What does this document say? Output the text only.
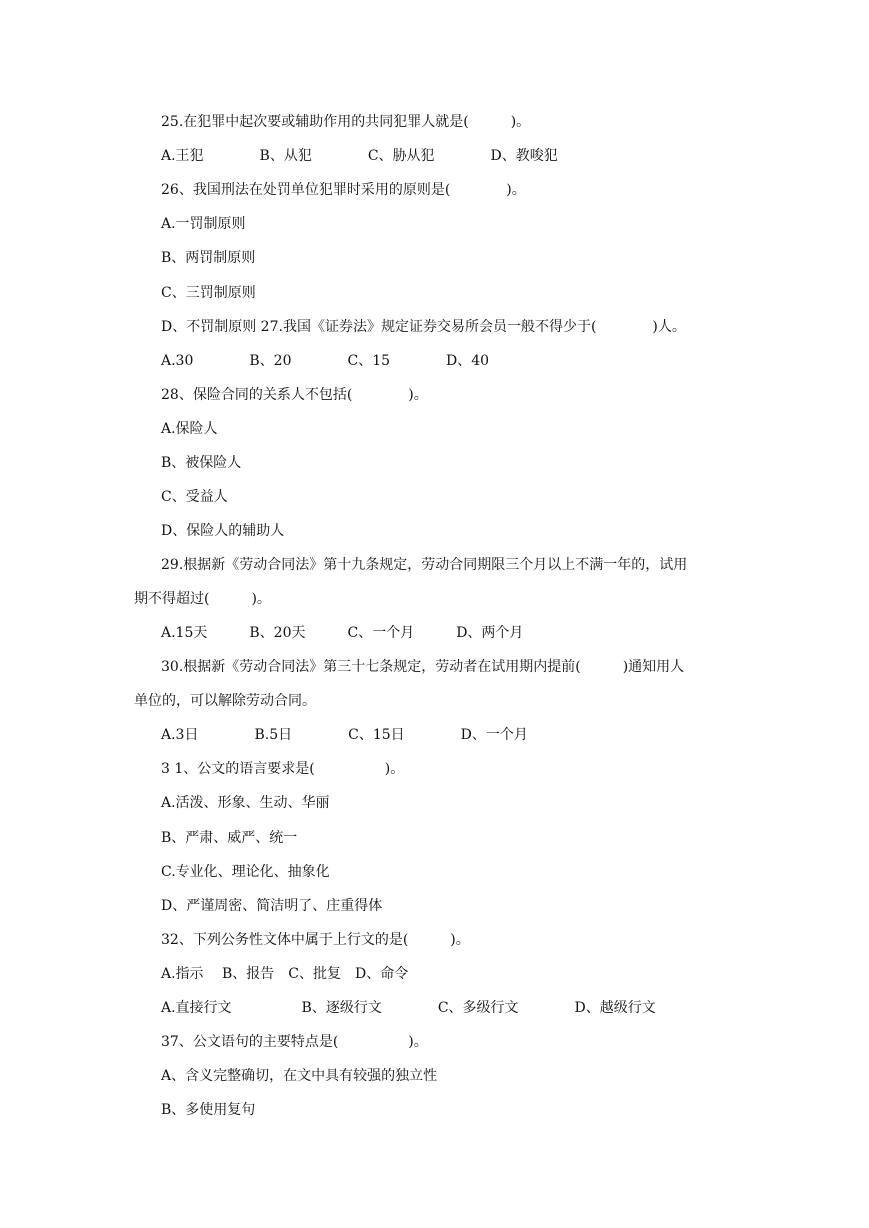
25.在犯罪中起次要或辅助作用的共同犯罪人就是(　　　)。
A.王犯　　　　B、从犯　　　　C、胁从犯　　　　D、教唆犯
26、我国刑法在处罚单位犯罪时采用的原则是(　　　　)。
A.一罚制原则
B、两罚制原则
C、三罚制原则
D、不罚制原则 27.我国《证券法》规定证券交易所会员一般不得少于(　　　　)人。
A.30　　　　B、20　　　　C、15　　　　D、40
28、保险合同的关系人不包括(　　　　)。
A.保险人
B、被保险人
C、受益人
D、保险人的辅助人
29.根据新《劳动合同法》第十九条规定，劳动合同期限三个月以上不满一年的，试用
期不得超过(　　　)。
A.15天　　　B、20天　　　C、一个月　　　D、两个月
30.根据新《劳动合同法》第三十七条规定，劳动者在试用期内提前(　　　)通知用人
单位的，可以解除劳动合同。
A.3日　　　　B.5日　　　　C、15日　　　　D、一个月
3 1、公文的语言要求是(　　　　　)。
A.活泼、形象、生动、华丽
B、严肃、威严、统一
C.专业化、理论化、抽象化
D、严谨周密、简洁明了、庄重得体
32、下列公务性文体中属于上行文的是(　　　)。
A.指示　 B、报告　C、批复　D、命令
A.直接行文　　　　　B、逐级行文　　　　C、多级行文　　　　D、越级行文
37、公文语句的主要特点是(　　　　　)。
A、含义完整确切，在文中具有较强的独立性
B、多使用复句
